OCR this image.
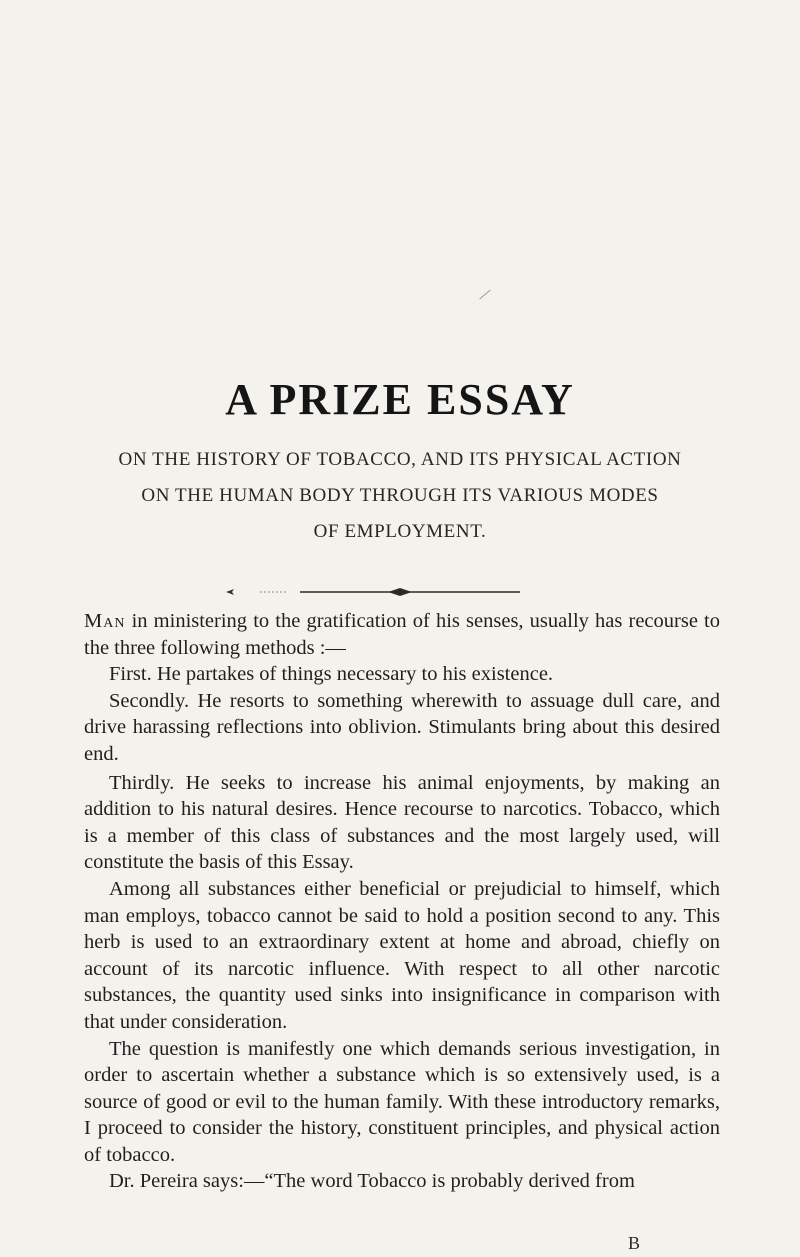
A PRIZE ESSAY
ON THE HISTORY OF TOBACCO, AND ITS PHYSICAL ACTION
ON THE HUMAN BODY THROUGH ITS VARIOUS MODES
OF EMPLOYMENT.

Man in ministering to the gratification of his senses, usually has recourse to the three following methods :—

First. He partakes of things necessary to his existence.

Secondly. He resorts to something wherewith to assuage dull care, and drive harassing reflections into oblivion. Stimulants bring about this desired end.

Thirdly. He seeks to increase his animal enjoyments, by making an addition to his natural desires. Hence recourse to narcotics. Tobacco, which is a member of this class of substances and the most largely used, will constitute the basis of this Essay.

Among all substances either beneficial or prejudicial to himself, which man employs, tobacco cannot be said to hold a position second to any. This herb is used to an extraordinary extent at home and abroad, chiefly on account of its narcotic influence. With respect to all other narcotic substances, the quantity used sinks into insignificance in comparison with that under consideration.

The question is manifestly one which demands serious investigation, in order to ascertain whether a substance which is so extensively used, is a source of good or evil to the human family. With these introductory remarks, I proceed to consider the history, constituent principles, and physical action of tobacco.

Dr. Pereira says:—“The word Tobacco is probably derived from

B
